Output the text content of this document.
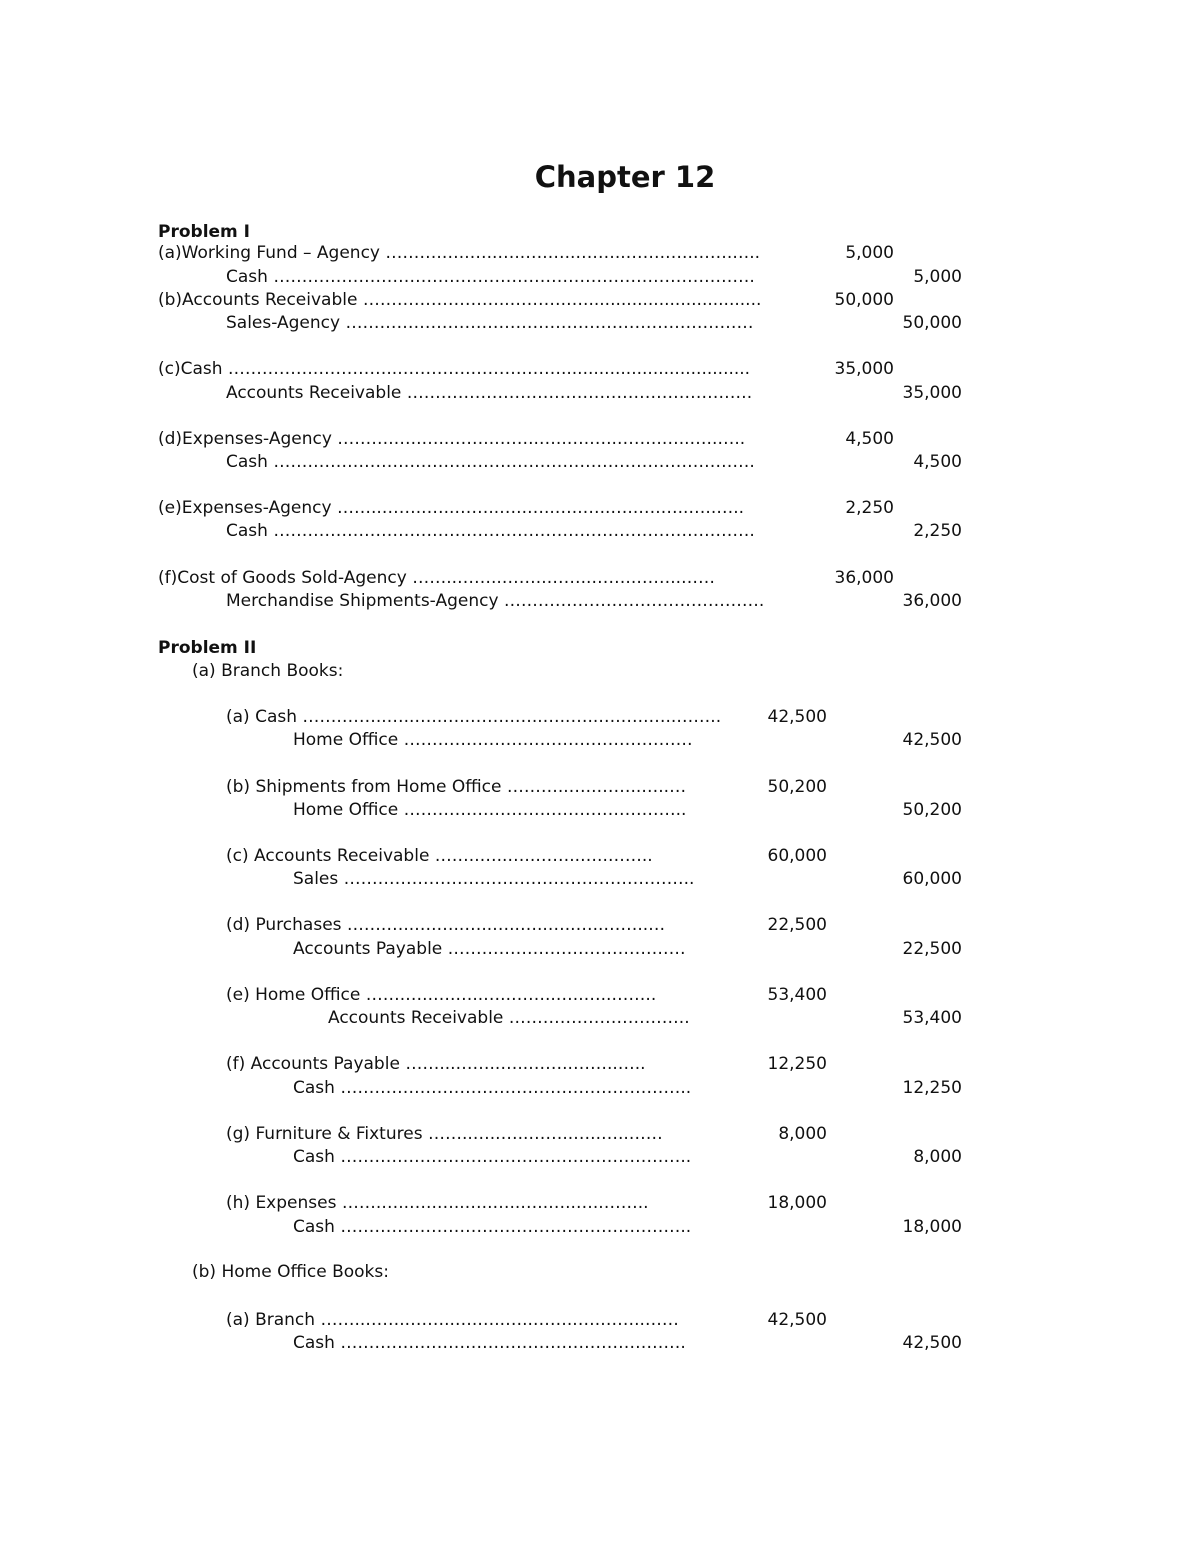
Chapter 12
Problem I
(a)Working Fund – Agency ……….…..…..…..….…..….…..…….…..…….…..	5,000
Cash ………………………………………………………………………….	5,000
(b)Accounts Receivable ……………………..……….….................................	50,000
Sales-Agency ………………………………………………………………	50,000
(c)Cash …………….…………..………….……….……...................................	35,000
Accounts Receivable …………………………………………………….	35,000
(d)Expenses-Agency ……….…..…..……..……..…..….…..……..…..…..…..	4,500
Cash ………………………………………………………………………….	4,500
(e)Expenses-Agency ……..……..…..……..…..…..…..…..…..….…..…..…..	2,250
Cash ………………………………………………………………………….	2,250
(f)Cost of Goods Sold-Agency ……..……..……..……..……..……..……	36,000
Merchandise Shipments-Agency ……………………………………….	36,000
Problem II
(a) Branch Books:
(a) Cash …….……..…..…..…..……..…..…..…..….…..…..……..	42,500
Home Office ……………………………………………	42,500
(b) Shipments from Home Office ………..…..……..…..…	50,200
Home Office …………………………………………..	50,200
(c) Accounts Receivable ……..…..…..……..…..……..	60,000
Sales ……………………………………………………..	60,000
(d) Purchases …….…..….…..…..…..…..…..…..……..…	22,500
Accounts Payable ……………………………………	22,500
(e) Home Office …….…..….…..…..……..…..…..……..	53,400
Accounts Receivable …………………………..	53,400
(f) Accounts Payable ……...……..…..……..……..…..	12,250
Cash ……………………………………………………..	12,250
(g) Furniture & Fixtures ……..…..…..……..…..…..……	8,000
Cash ……………………………………………………..	8,000
(h) Expenses …….…..…..…..…..…..…..…..…..……..	18,000
Cash ……………………………………………………..	18,000
(b) Home Office Books:
(a) Branch ……..……..……..….…..…..……..….……..……	42,500
Cash …………………………………………………….	42,500
